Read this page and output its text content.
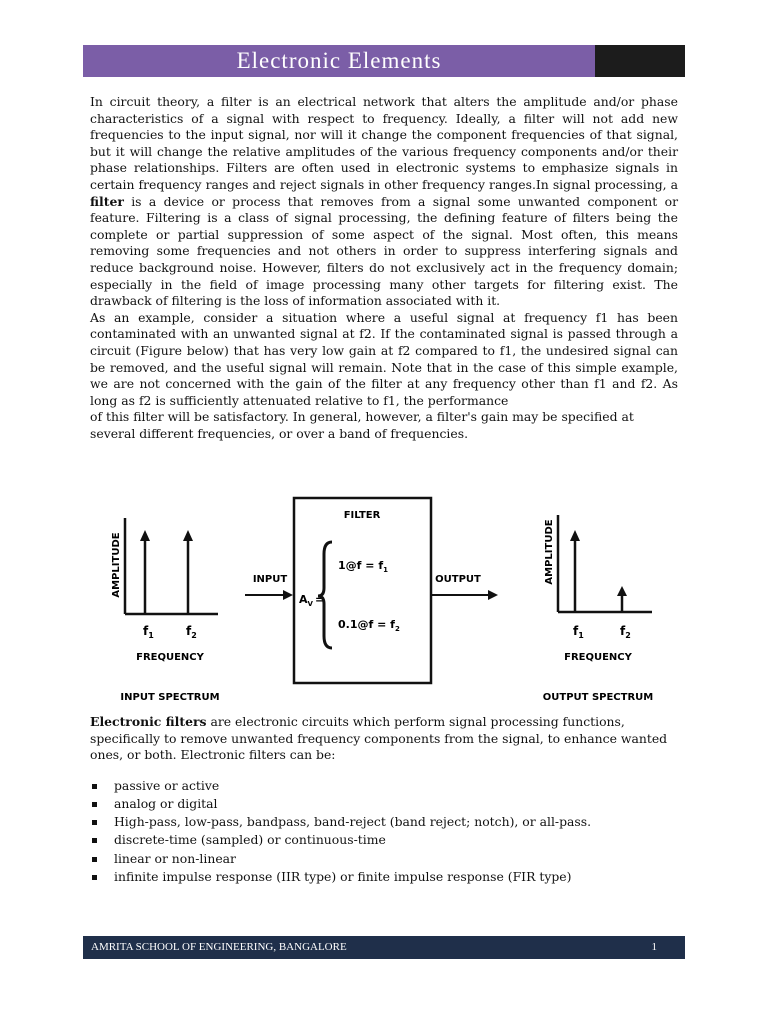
Electronic Elements

In circuit theory, a filter is an electrical network that alters the amplitude and/or phase characteristics of a signal with respect to frequency. Ideally, a filter will not add new frequencies to the input signal, nor will it change the component frequencies of that signal, but it will change the relative amplitudes of the various frequency components and/or their phase relationships. Filters are often used in electronic systems to emphasize signals in certain frequency ranges and reject signals in other frequency ranges.In signal processing, a filter is a device or process that removes from a signal some unwanted component or feature. Filtering is a class of signal processing, the defining feature of filters being the complete or partial suppression of some aspect of the signal. Most often, this means removing some frequencies and not others in order to suppress interfering signals and reduce background noise. However, filters do not exclusively act in the frequency domain; especially in the field of image processing many other targets for filtering exist. The drawback of filtering is the loss of information associated with it.

As an example, consider a situation where a useful signal at frequency f1 has been contaminated with an unwanted signal at f2. If the contaminated signal is passed through a circuit (Figure below) that has very low gain at f2 compared to f1, the undesired signal can be removed, and the useful signal will remain. Note that in the case of this simple example, we are not concerned with the gain of the filter at any frequency other than f1 and f2. As long as f2 is sufficiently attenuated relative to f1, the performance

of this filter will be satisfactory. In general, however, a filter's gain may be specified at several different frequencies, or over a band of frequencies.

AMPLITUDE
$f_1$	$f_2$
FREQUENCY
INPUT SPECTRUM
INPUT
FILTER
$A_V$ =
1@f = $f_1$
0.1@f = $f_2$
OUTPUT	AMPLITUDE
$f_1$	$f_2$
FREQUENCY
OUTPUT SPECTRUM

Electronic filters are electronic circuits which perform signal processing functions, specifically to remove unwanted frequency components from the signal, to enhance wanted ones, or both. Electronic filters can be:

passive or active
analog or digital
High-pass, low-pass, bandpass, band-reject (band reject; notch), or all-pass.
discrete-time (sampled) or continuous-time
linear or non-linear
infinite impulse response (IIR type) or finite impulse response (FIR type)
AMRITA SCHOOL OF ENGINEERING, BANGALORE	1
